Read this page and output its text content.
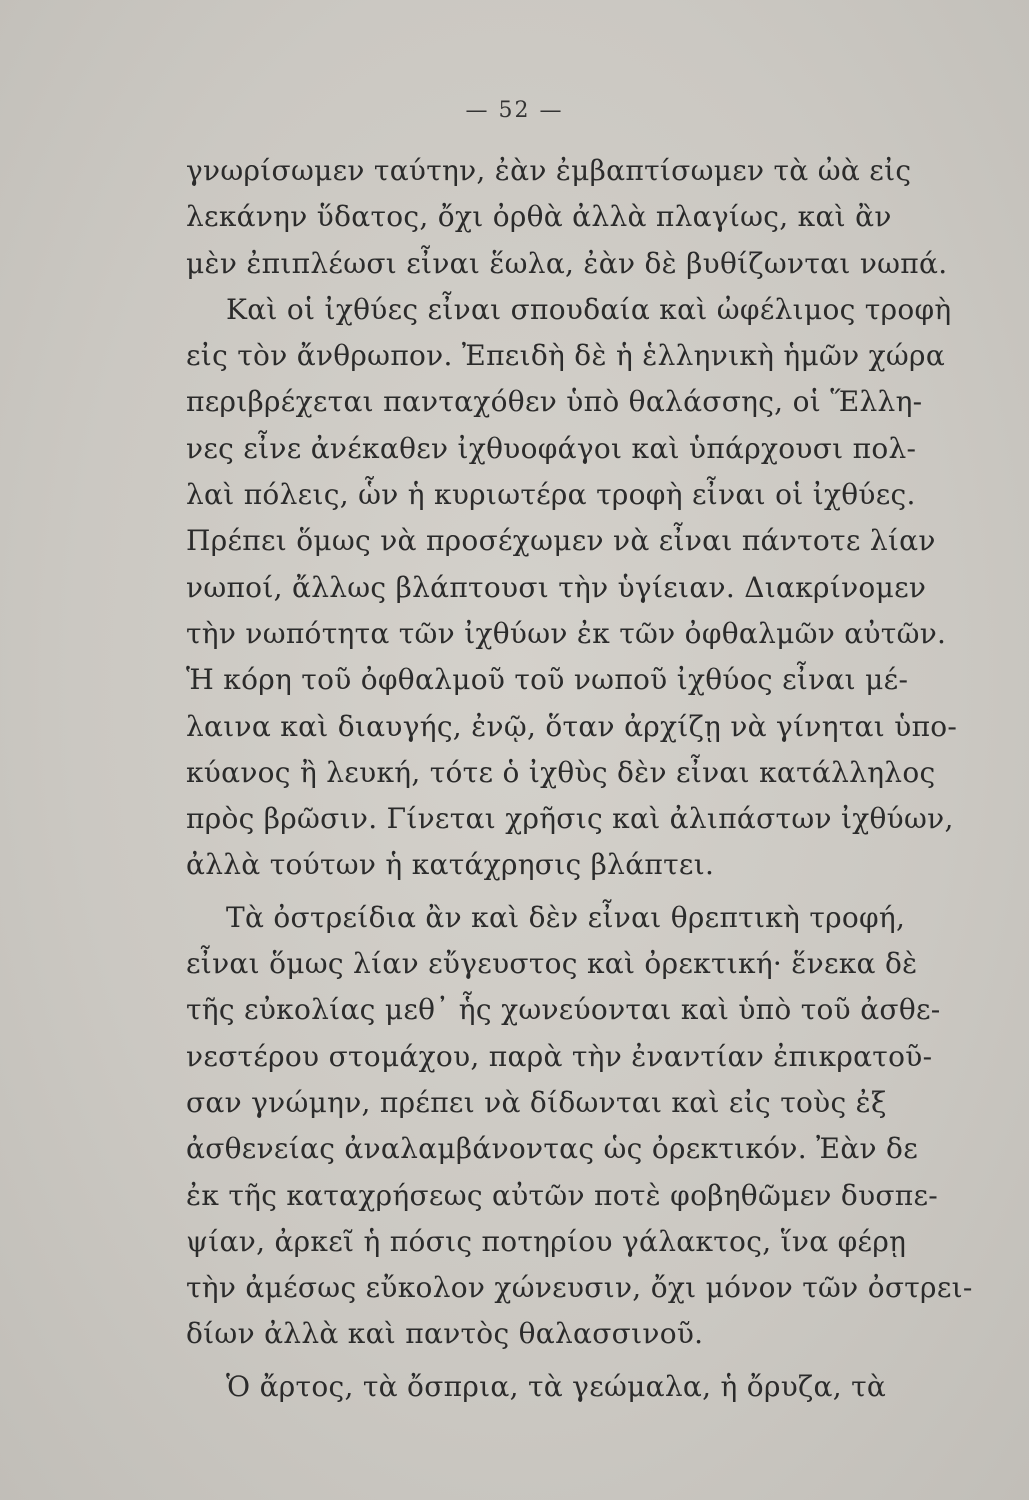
— 52 —
γνωρίσωμεν ταύτην, ἐὰν ἐμβαπτίσωμεν τὰ ὠὰ εἰς
λεκάνην ὕδατος, ὄχι ὀρθὰ ἀλλὰ πλαγίως, καὶ ἂν
μὲν ἐπιπλέωσι εἶναι ἕωλα, ἐὰν δὲ βυθίζωνται νωπά.
Καὶ οἱ ἰχθύες εἶναι σπουδαία καὶ ὠφέλιμος τροφὴ
εἰς τὸν ἄνθρωπον. Ἐπειδὴ δὲ ἡ ἑλληνικὴ ἡμῶν χώρα
περιβρέχεται πανταχόθεν ὑπὸ θαλάσσης, οἱ Ἕλλη-
νες εἶνε ἀνέκαθεν ἰχθυοφάγοι καὶ ὑπάρχουσι πολ-
λαὶ πόλεις, ὧν ἡ κυριωτέρα τροφὴ εἶναι οἱ ἰχθύες.
Πρέπει ὅμως νὰ προσέχωμεν νὰ εἶναι πάντοτε λίαν
νωποί, ἄλλως βλάπτουσι τὴν ὑγίειαν. Διακρίνομεν
τὴν νωπότητα τῶν ἰχθύων ἐκ τῶν ὀφθαλμῶν αὐτῶν.
Ἡ κόρη τοῦ ὀφθαλμοῦ τοῦ νωποῦ ἰχθύος εἶναι μέ-
λαινα καὶ διαυγής, ἐνῷ, ὅταν ἀρχίζῃ νὰ γίνηται ὑπο-
κύανος ἢ λευκή, τότε ὁ ἰχθὺς δὲν εἶναι κατάλληλος
πρὸς βρῶσιν. Γίνεται χρῆσις καὶ ἀλιπάστων ἰχθύων,
ἀλλὰ τούτων ἡ κατάχρησις βλάπτει.
Τὰ ὀστρείδια ἂν καὶ δὲν εἶναι θρεπτικὴ τροφή,
εἶναι ὅμως λίαν εὔγευστος καὶ ὀρεκτική· ἕνεκα δὲ
τῆς εὐκολίας μεθ᾽ ἧς χωνεύονται καὶ ὑπὸ τοῦ ἀσθε-
νεστέρου στομάχου, παρὰ τὴν ἐναντίαν ἐπικρατοῦ-
σαν γνώμην, πρέπει νὰ δίδωνται καὶ εἰς τοὺς ἐξ
ἀσθενείας ἀναλαμβάνοντας ὡς ὀρεκτικόν. Ἐὰν δε
ἐκ τῆς καταχρήσεως αὐτῶν ποτὲ φοβηθῶμεν δυσπε-
ψίαν, ἀρκεῖ ἡ πόσις ποτηρίου γάλακτος, ἵνα φέρῃ
τὴν ἀμέσως εὔκολον χώνευσιν, ὄχι μόνον τῶν ὀστρει-
δίων ἀλλὰ καὶ παντὸς θαλασσινοῦ.
Ὁ ἄρτος, τὰ ὄσπρια, τὰ γεώμαλα, ἡ ὄρυζα, τὰ
